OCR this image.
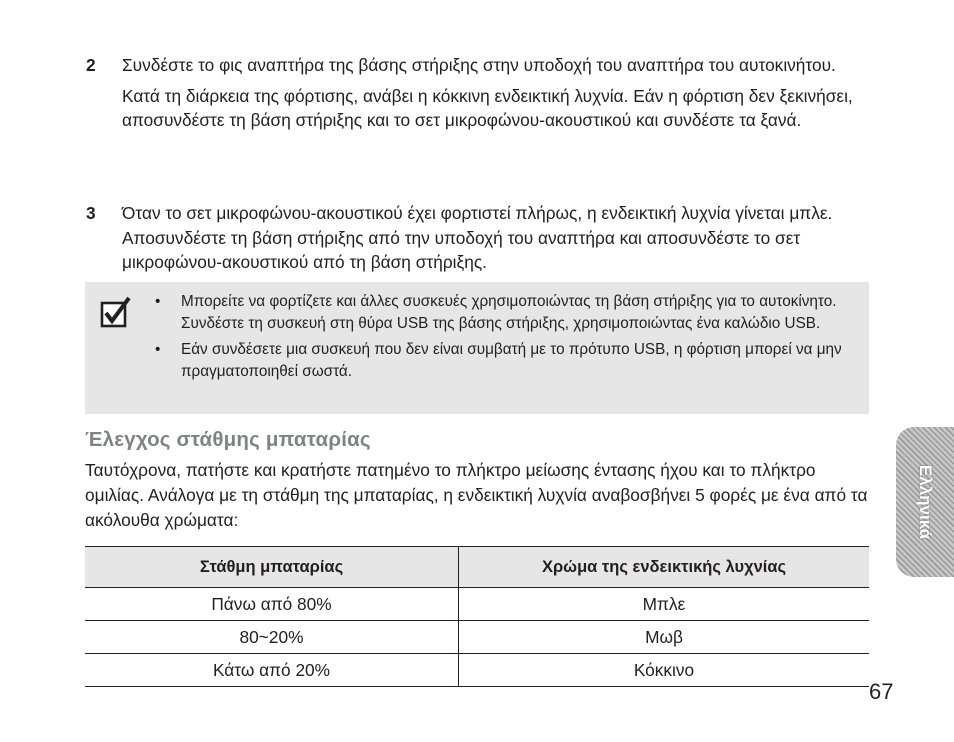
2 Συνδέστε το φις αναπτήρα της βάσης στήριξης στην υποδοχή του αναπτήρα του αυτοκινήτου.

Κατά τη διάρκεια της φόρτισης, ανάβει η κόκκινη ενδεικτική λυχνία. Εάν η φόρτιση δεν ξεκινήσει, αποσυνδέστε τη βάση στήριξης και το σετ μικροφώνου-ακουστικού και συνδέστε τα ξανά.

3 Όταν το σετ μικροφώνου-ακουστικού έχει φορτιστεί πλήρως, η ενδεικτική λυχνία γίνεται μπλε. Αποσυνδέστε τη βάση στήριξης από την υποδοχή του αναπτήρα και αποσυνδέστε το σετ μικροφώνου-ακουστικού από τη βάση στήριξης.

• Μπορείτε να φορτίζετε και άλλες συσκευές χρησιμοποιώντας τη βάση στήριξης για το αυτοκίνητο. Συνδέστε τη συσκευή στη θύρα USB της βάσης στήριξης, χρησιμοποιώντας ένα καλώδιο USB.
• Εάν συνδέσετε μια συσκευή που δεν είναι συμβατή με το πρότυπο USB, η φόρτιση μπορεί να μην πραγματοποιηθεί σωστά.
Έλεγχος στάθμης μπαταρίας

Ταυτόχρονα, πατήστε και κρατήστε πατημένο το πλήκτρο μείωσης έντασης ήχου και το πλήκτρο ομιλίας. Ανάλογα με τη στάθμη της μπαταρίας, η ενδεικτική λυχνία αναβοσβήνει 5 φορές με ένα από τα ακόλουθα χρώματα:

Στάθμη μπαταρίας	Χρώμα της ενδεικτικής λυχνίας
Πάνω από 80%	Μπλε
80~20%	Μωβ
Κάτω από 20%	Κόκκινο
Ελληνικά
67
